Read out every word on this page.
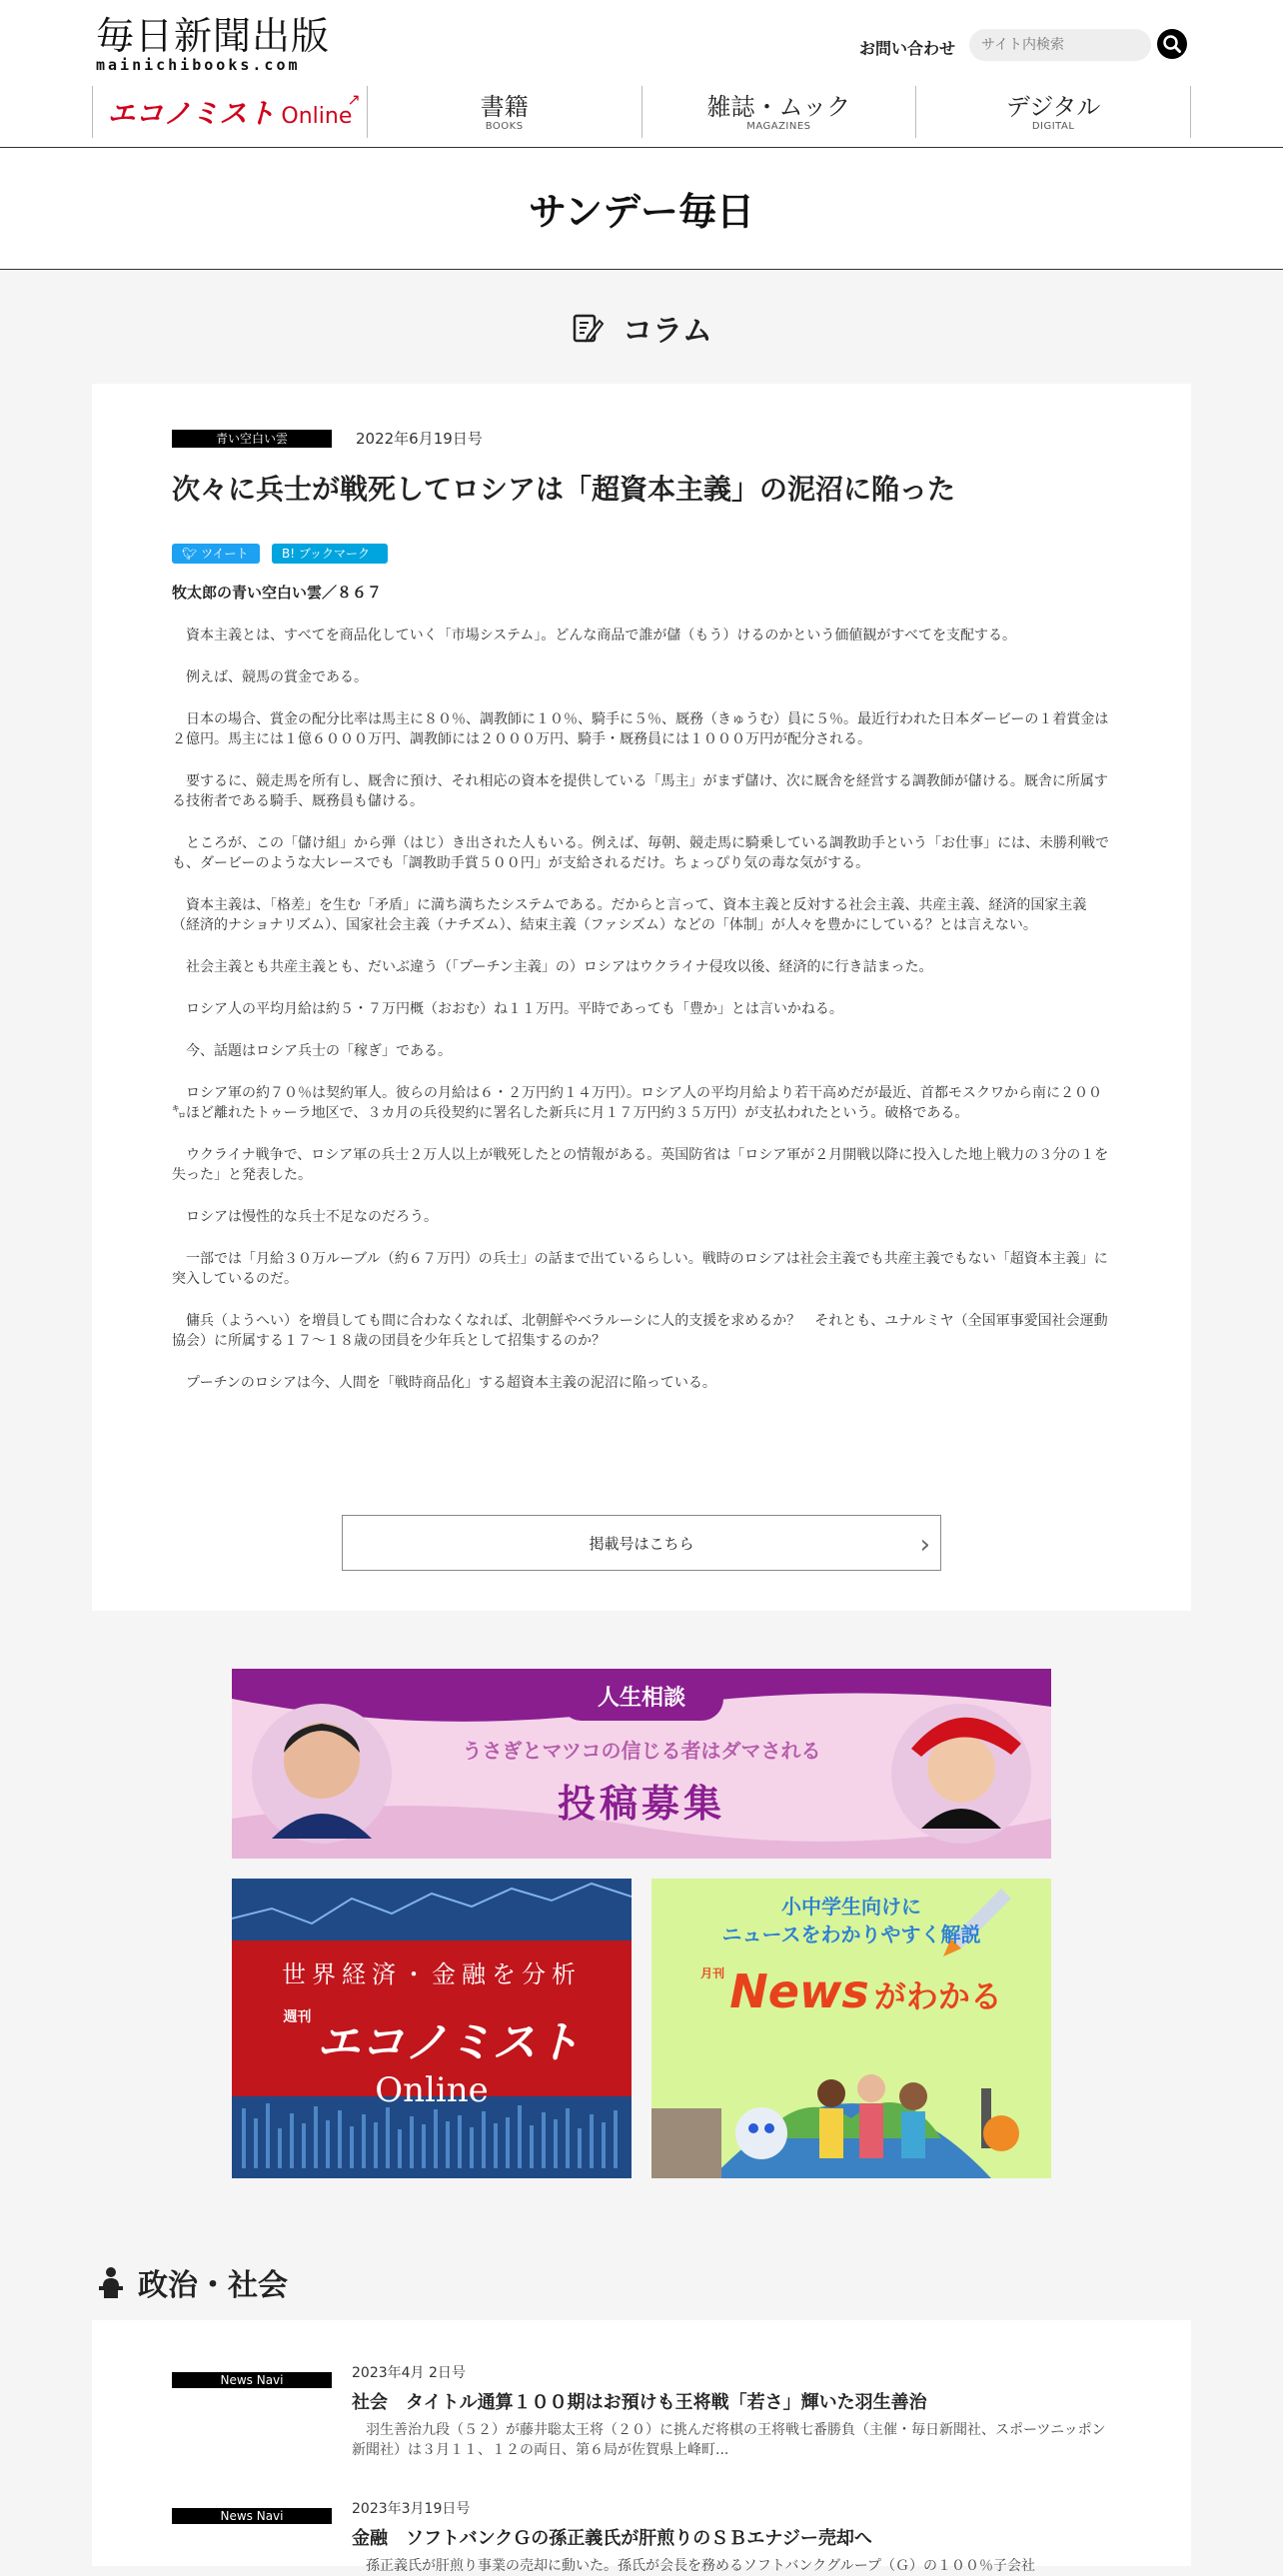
毎日新聞出版
mainichibooks.com
お問い合わせ
サイト内検索
エコノミスト Online
↗	書籍
BOOKS
雑誌・ムック
MAGAZINES
デジタル
DIGITAL
サンデー毎日
コラム
青い空白い雲	2022年6月19日号
次々に兵士が戦死してロシアは「超資本主義」の泥沼に陥った
🐦︎ ツイート	B! ブックマーク　0
牧太郎の青い空白い雲／８６７

資本主義とは、すべてを商品化していく「市場システム」。どんな商品で誰が儲（もう）けるのかという価値観がすべてを支配する。

例えば、競馬の賞金である。

日本の場合、賞金の配分比率は馬主に８０％、調教師に１０％、騎手に５％、厩務（きゅうむ）員に５％。最近行われた日本ダービーの１着賞金は２億円。馬主には１億６０００万円、調教師には２０００万円、騎手・厩務員には１０００万円が配分される。

要するに、競走馬を所有し、厩舎に預け、それ相応の資本を提供している「馬主」がまず儲け、次に厩舎を経営する調教師が儲ける。厩舎に所属する技術者である騎手、厩務員も儲ける。

ところが、この「儲け組」から弾（はじ）き出された人もいる。例えば、毎朝、競走馬に騎乗している調教助手という「お仕事」には、未勝利戦でも、ダービーのような大レースでも「調教助手賞５００円」が支給されるだけ。ちょっぴり気の毒な気がする。

資本主義は、「格差」を生む「矛盾」に満ち満ちたシステムである。だからと言って、資本主義と反対する社会主義、共産主義、経済的国家主義（経済的ナショナリズム）、国家社会主義（ナチズム）、結束主義（ファシズム）などの「体制」が人々を豊かにしている？とは言えない。

社会主義とも共産主義とも、だいぶ違う（「プーチン主義」の）ロシアはウクライナ侵攻以後、経済的に行き詰まった。

ロシア人の平均月給は約５・７万円概（おおむ）ね１１万円。平時であっても「豊か」とは言いかねる。

今、話題はロシア兵士の「稼ぎ」である。

ロシア軍の約７０％は契約軍人。彼らの月給は６・２万円約１４万円）。ロシア人の平均月給より若干高めだが最近、首都モスクワから南に２００㌔ほど離れたトゥーラ地区で、３カ月の兵役契約に署名した新兵に月１７万円約３５万円）が支払われたという。破格である。

ウクライナ戦争で、ロシア軍の兵士２万人以上が戦死したとの情報がある。英国防省は「ロシア軍が２月開戦以降に投入した地上戦力の３分の１を失った」と発表した。

ロシアは慢性的な兵士不足なのだろう。

一部では「月給３０万ルーブル（約６７万円）の兵士」の話まで出ているらしい。戦時のロシアは社会主義でも共産主義でもない「超資本主義」に突入しているのだ。

傭兵（ようへい）を増員しても間に合わなくなれば、北朝鮮やベラルーシに人的支援を求めるか？　それとも、ユナルミヤ（全国軍事愛国社会運動協会）に所属する１７〜１８歳の団員を少年兵として招集するのか？

プーチンのロシアは今、人間を「戦時商品化」する超資本主義の泥沼に陥っている。

掲載号はこちら	›
人生相談
うさぎとマツコの信じる者はダマされる
投稿募集
世界経済・金融を分析
週刊 エコノミスト Online
小中学生向けに
ニュースをわかりやすく解説
$^{月刊}$ News がわかる
政治・社会
News Navi	2023年4月 2日号
社会　タイトル通算１００期はお預けも王将戦「若さ」輝いた羽生善治
羽生善治九段（５２）が藤井聡太王将（２０）に挑んだ将棋の王将戦七番勝負（主催・毎日新聞社、スポーツニッポン新聞社）は３月１１、１２の両日、第６局が佐賀県上峰町...
News Navi	2023年3月19日号
金融　ソフトバンクＧの孫正義氏が肝煎りのＳＢエナジー売却へ
孫正義氏が肝煎り事業の売却に動いた。孫氏が会長を務めるソフトバンクグループ（Ｇ）の１００％子会社
